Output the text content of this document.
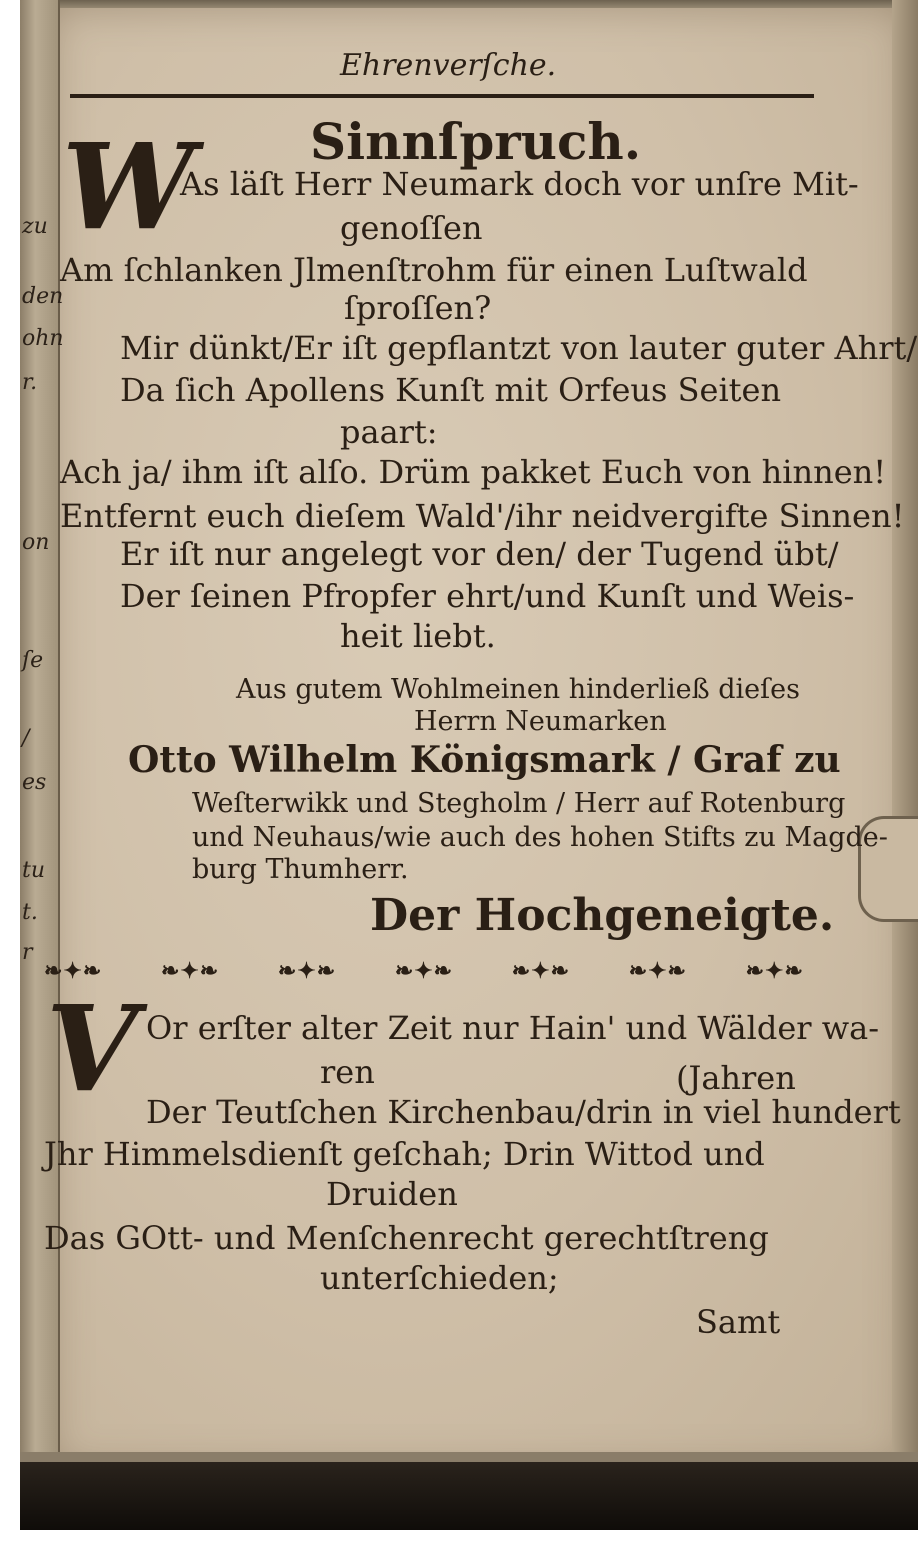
zu
den
ohn
r.
on
ſe
/
es
tu
t.
r
Ehrenverſche.
Sinnſpruch.
W
As läſt Herr Neumark doch vor unſre Mit-
genoſſen
Am ſchlanken Jlmenſtrohm für einen Luſtwald
ſproſſen?
Mir dünkt/Er iſt gepflantzt von lauter guter Ahrt/
Da ſich Apollens Kunſt mit Orfeus Seiten
paart:
Ach ja/ ihm iſt alſo. Drüm pakket Euch von hinnen!
Entfernt euch dieſem Wald'/ihr neidvergifte Sinnen!
Er iſt nur angelegt vor den/ der Tugend übt/
Der ſeinen Pfropfer ehrt/und Kunſt und Weis-
heit liebt.
Aus gutem Wohlmeinen hinderließ dieſes
Herrn Neumarken
Otto Wilhelm Königsmark / Graf zu
Weſterwikk und Stegholm / Herr auf Rotenburg
und Neuhaus/wie auch des hohen Stifts zu Magde-
burg Thumherr.
Der Hochgeneigte.
❧✦❧	❧✦❧	❧✦❧	❧✦❧	❧✦❧	❧✦❧	❧✦❧
V Or erſter alter Zeit nur Hain' und Wälder wa-
ren	(Jahren
Der Teutſchen Kirchenbau/drin in viel hundert
Jhr Himmelsdienſt geſchah; Drin Wittod und
Druiden
Das GOtt- und Menſchenrecht gerechtſtreng
unterſchieden;
Samt
